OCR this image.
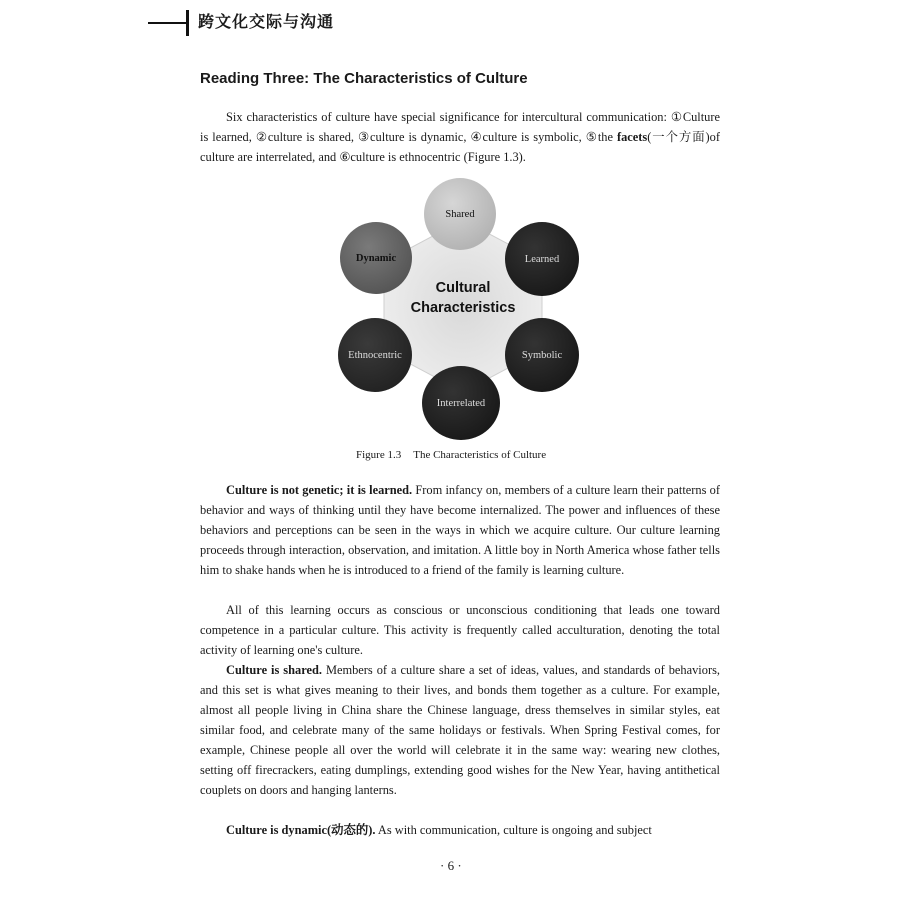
跨文化交际与沟通
Reading Three: The Characteristics of Culture
Six characteristics of culture have special significance for intercultural communication: ①Culture is learned, ②culture is shared, ③culture is dynamic, ④culture is symbolic, ⑤the facets(一个方面)of culture are interrelated, and ⑥culture is ethnocentric (Figure 1.3).
Shared
Learned
Symbolic
Interrelated
Ethnocentric
Dynamic
Cultural
Characteristics
Figure 1.3 The Characteristics of Culture
Culture is not genetic; it is learned. From infancy on, members of a culture learn their patterns of behavior and ways of thinking until they have become internalized. The power and influences of these behaviors and perceptions can be seen in the ways in which we acquire culture. Our culture learning proceeds through interaction, observation, and imitation. A little boy in North America whose father tells him to shake hands when he is introduced to a friend of the family is learning culture.
All of this learning occurs as conscious or unconscious conditioning that leads one toward competence in a particular culture. This activity is frequently called acculturation, denoting the total activity of learning one's culture.
Culture is shared. Members of a culture share a set of ideas, values, and standards of behaviors, and this set is what gives meaning to their lives, and bonds them together as a culture. For example, almost all people living in China share the Chinese language, dress themselves in similar styles, eat similar food, and celebrate many of the same holidays or festivals. When Spring Festival comes, for example, Chinese people all over the world will celebrate it in the same way: wearing new clothes, setting off firecrackers, eating dumplings, extending good wishes for the New Year, having antithetical couplets on doors and hanging lanterns.
Culture is dynamic(动态的). As with communication, culture is ongoing and subject
· 6 ·
